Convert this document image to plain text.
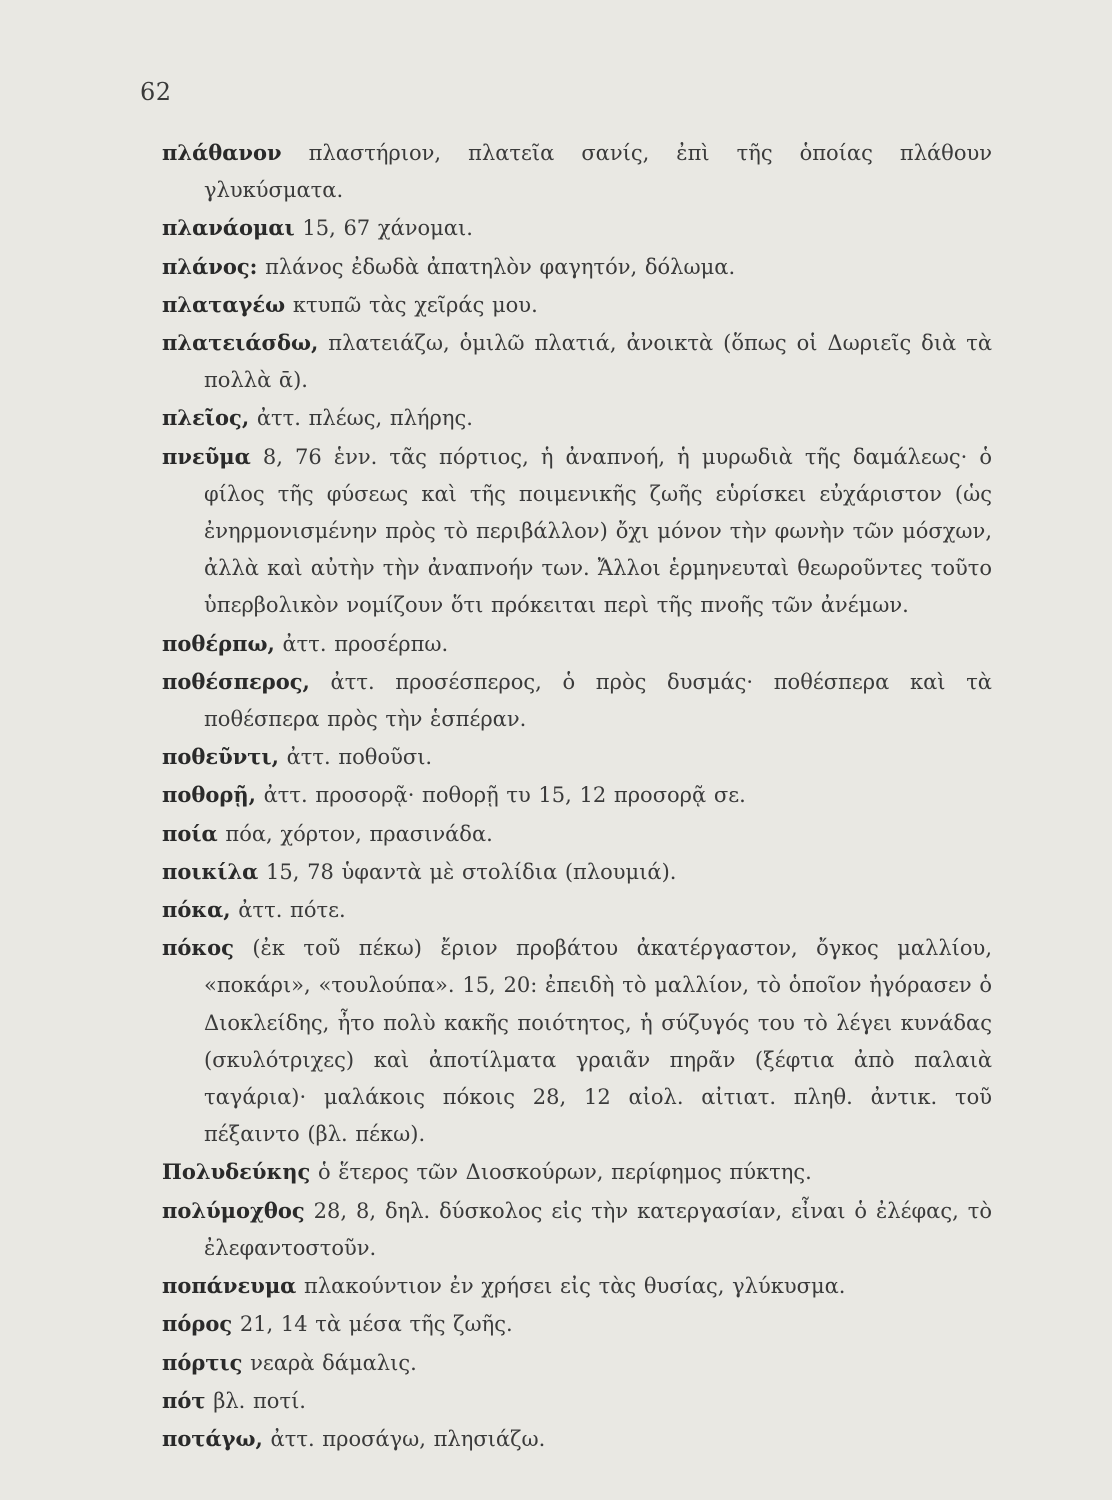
62
πλάθανον πλαστήριον, πλατεῖα σανίς, ἐπὶ τῆς ὁποίας πλάθουν γλυκύσματα.
πλανάομαι 15, 67 χάνομαι.
πλάνος: πλάνος ἐδωδὰ ἀπατηλὸν φαγητόν, δόλωμα.
πλαταγέω κτυπῶ τὰς χεῖράς μου.
πλατειάσδω, πλατειάζω, ὁμιλῶ πλατιά, ἀνοικτὰ (ὅπως οἱ Δωριεῖς διὰ τὰ πολλὰ ᾱ).
πλεῖος, ἀττ. πλέως, πλήρης.
πνεῦμα 8, 76 ἑνν. τᾶς πόρτιος, ἡ ἀναπνοή, ἡ μυρωδιὰ τῆς δαμάλεως· ὁ φίλος τῆς φύσεως καὶ τῆς ποιμενικῆς ζωῆς εὑρίσκει εὐχάριστον (ὡς ἐνηρμονισμένην πρὸς τὸ περιβάλλον) ὄχι μόνον τὴν φωνὴν τῶν μόσχων, ἀλλὰ καὶ αὐτὴν τὴν ἀναπνοήν των. Ἄλλοι ἑρμηνευταὶ θεωροῦντες τοῦτο ὑπερβολικὸν νομίζουν ὅτι πρόκειται περὶ τῆς πνοῆς τῶν ἀνέμων.
ποθέρπω, ἀττ. προσέρπω.
ποθέσπερος, ἀττ. προσέσπερος, ὁ πρὸς δυσμάς· ποθέσπερα καὶ τὰ ποθέσπερα πρὸς τὴν ἑσπέραν.
ποθεῦντι, ἀττ. ποθοῦσι.
ποθορῇ, ἀττ. προσορᾷ· ποθορῇ τυ 15, 12 προσορᾷ σε.
ποία πόα, χόρτον, πρασινάδα.
ποικίλα 15, 78 ὑφαντὰ μὲ στολίδια (πλουμιά).
πόκα, ἀττ. πότε.
πόκος (ἐκ τοῦ πέκω) ἔριον προβάτου ἀκατέργαστον, ὄγκος μαλλίου, «ποκάρι», «τουλούπα». 15, 20: ἐπειδὴ τὸ μαλλίον, τὸ ὁποῖον ἠγόρασεν ὁ Διοκλείδης, ἦτο πολὺ κακῆς ποιότητος, ἡ σύζυγός του τὸ λέγει κυνάδας (σκυλότριχες) καὶ ἀποτίλματα γραιᾶν πηρᾶν (ξέφτια ἀπὸ παλαιὰ ταγάρια)· μαλάκοις πόκοις 28, 12 αἰολ. αἰτιατ. πληθ. ἀντικ. τοῦ πέξαιντο (βλ. πέκω).
Πολυδεύκης ὁ ἕτερος τῶν Διοσκούρων, περίφημος πύκτης.
πολύμοχθος 28, 8, δηλ. δύσκολος εἰς τὴν κατεργασίαν, εἶναι ὁ ἐλέφας, τὸ ἐλεφαντοστοῦν.
ποπάνευμα πλακούντιον ἐν χρήσει εἰς τὰς θυσίας, γλύκυσμα.
πόρος 21, 14 τὰ μέσα τῆς ζωῆς.
πόρτις νεαρὰ δάμαλις.
πότ βλ. ποτί.
ποτάγω, ἀττ. προσάγω, πλησιάζω.
